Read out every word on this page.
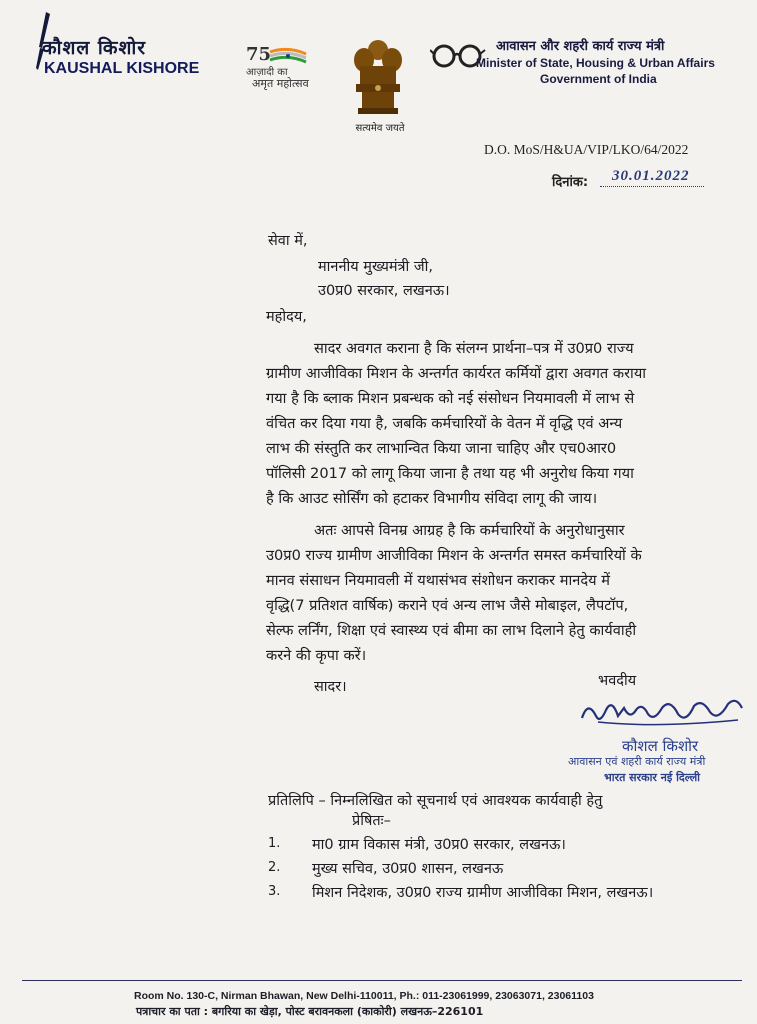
कौशल किशोर
KAUSHAL KISHORE
75
आज़ादी का
अमृत महोत्सव
सत्यमेव जयते
आवासन और शहरी कार्य राज्य मंत्री
Minister of State, Housing & Urban Affairs
Government of India
D.O. MoS/H&UA/VIP/LKO/64/2022
दिनांक: 30.01.2022
सेवा में,
माननीय मुख्यमंत्री जी,
उ0प्र0 सरकार, लखनऊ।
महोदय,
सादर अवगत कराना है कि संलग्न प्रार्थना–पत्र में उ0प्र0 राज्य
ग्रामीण आजीविका मिशन के अन्तर्गत कार्यरत कर्मियों द्वारा अवगत कराया
गया है कि ब्लाक मिशन प्रबन्धक को नई संसोधन नियमावली में लाभ से
वंचित कर दिया गया है, जबकि कर्मचारियों के वेतन में वृद्धि एवं अन्य
लाभ की संस्तुति कर लाभान्वित किया जाना चाहिए और एच0आर0
पॉलिसी 2017 को लागू किया जाना है तथा यह भी अनुरोध किया गया
है कि आउट सोर्सिंग को हटाकर विभागीय संविदा लागू की जाय।
अतः आपसे विनम्र आग्रह है कि कर्मचारियों के अनुरोधानुसार
उ0प्र0 राज्य ग्रामीण आजीविका मिशन के अन्तर्गत समस्त कर्मचारियों के
मानव संसाधन नियमावली में यथासंभव संशोधन कराकर मानदेय में
वृद्धि(7 प्रतिशत वार्षिक) कराने एवं अन्य लाभ जैसे मोबाइल, लैपटॉप,
सेल्फ लर्निंग, शिक्षा एवं स्वास्थ्य एवं बीमा का लाभ दिलाने हेतु कार्यवाही
करने की कृपा करें।
सादर।	भवदीय
कौशल किशोर
आवासन एवं शहरी कार्य राज्य मंत्री
भारत सरकार नई दिल्ली
प्रतिलिपि – निम्नलिखित को सूचनार्थ एवं आवश्यक कार्यवाही हेतु
प्रेषितः–
1. मा0 ग्राम विकास मंत्री, उ0प्र0 सरकार, लखनऊ।
2. मुख्य सचिव, उ0प्र0 शासन, लखनऊ
3. मिशन निदेशक, उ0प्र0 राज्य ग्रामीण आजीविका मिशन, लखनऊ।
Room No. 130-C, Nirman Bhawan, New Delhi-110011, Ph.: 011-23061999, 23063071, 23061103
पत्राचार का पता : बगरिया का खेड़ा, पोस्ट बरावनकला (काकोरी) लखनऊ–226101
